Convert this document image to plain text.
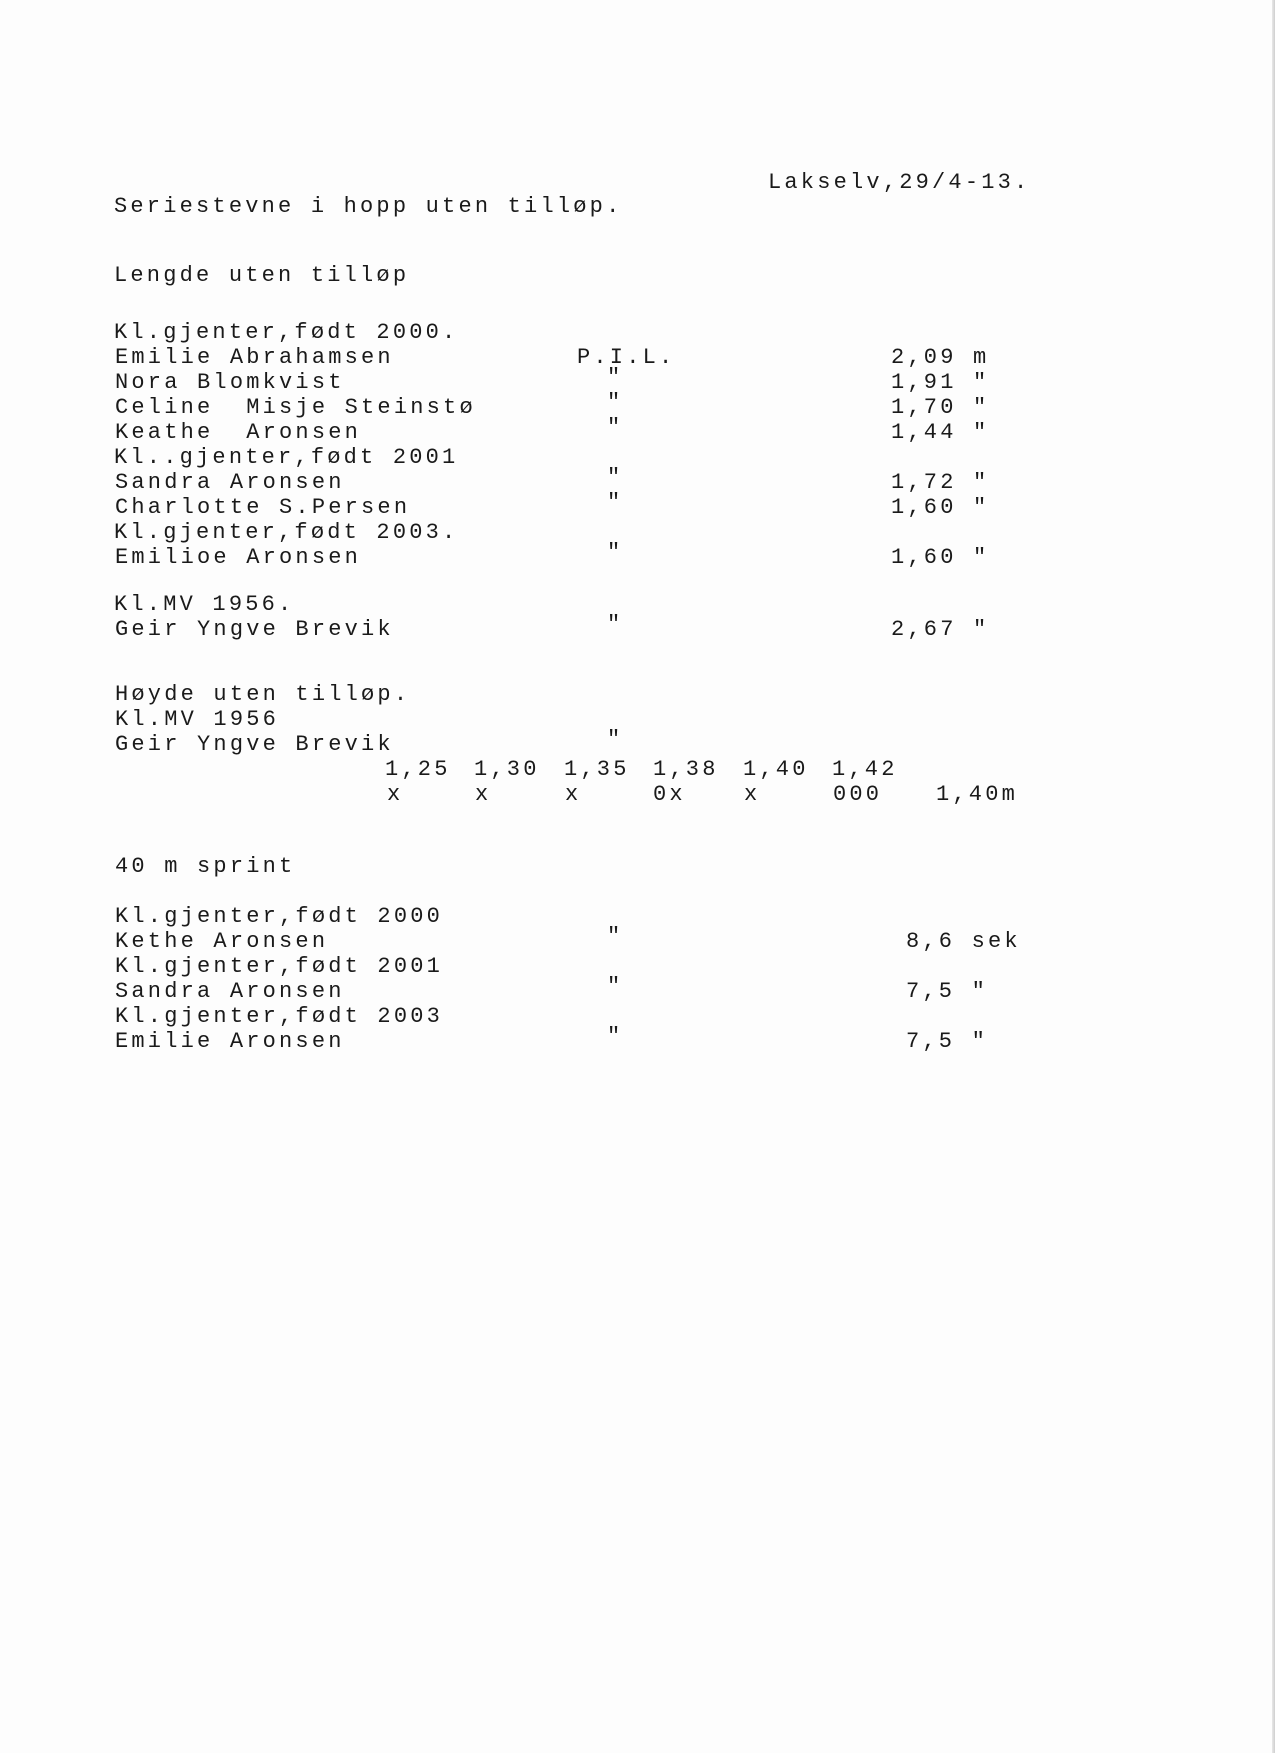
Lakselv,29/4-13.
Seriestevne i hopp uten tilløp.
Lengde uten tilløp
Kl.gjenter,født 2000.
Emilie Abrahamsen	P.I.L.	2,09 m
Nora Blomkvist	"	1,91 "
Celine  Misje Steinstø	"	1,70 "
Keathe  Aronsen	"	1,44 "
Kl..gjenter,født 2001
Sandra Aronsen	"	1,72 "
Charlotte S.Persen	"	1,60 "
Kl.gjenter,født 2003.
Emilioe Aronsen	"	1,60 "
Kl.MV 1956.
Geir Yngve Brevik	"	2,67 "
Høyde uten tilløp.
Kl.MV 1956
Geir Yngve Brevik	"
1,25 1,30 1,35 1,38 1,40 1,42
x	x	x	0x	x	000 1,40m
40 m sprint
Kl.gjenter,født 2000
Kethe Aronsen	"	8,6 sek
Kl.gjenter,født 2001
Sandra Aronsen	"	7,5 "
Kl.gjenter,født 2003
Emilie Aronsen	"	7,5 "
